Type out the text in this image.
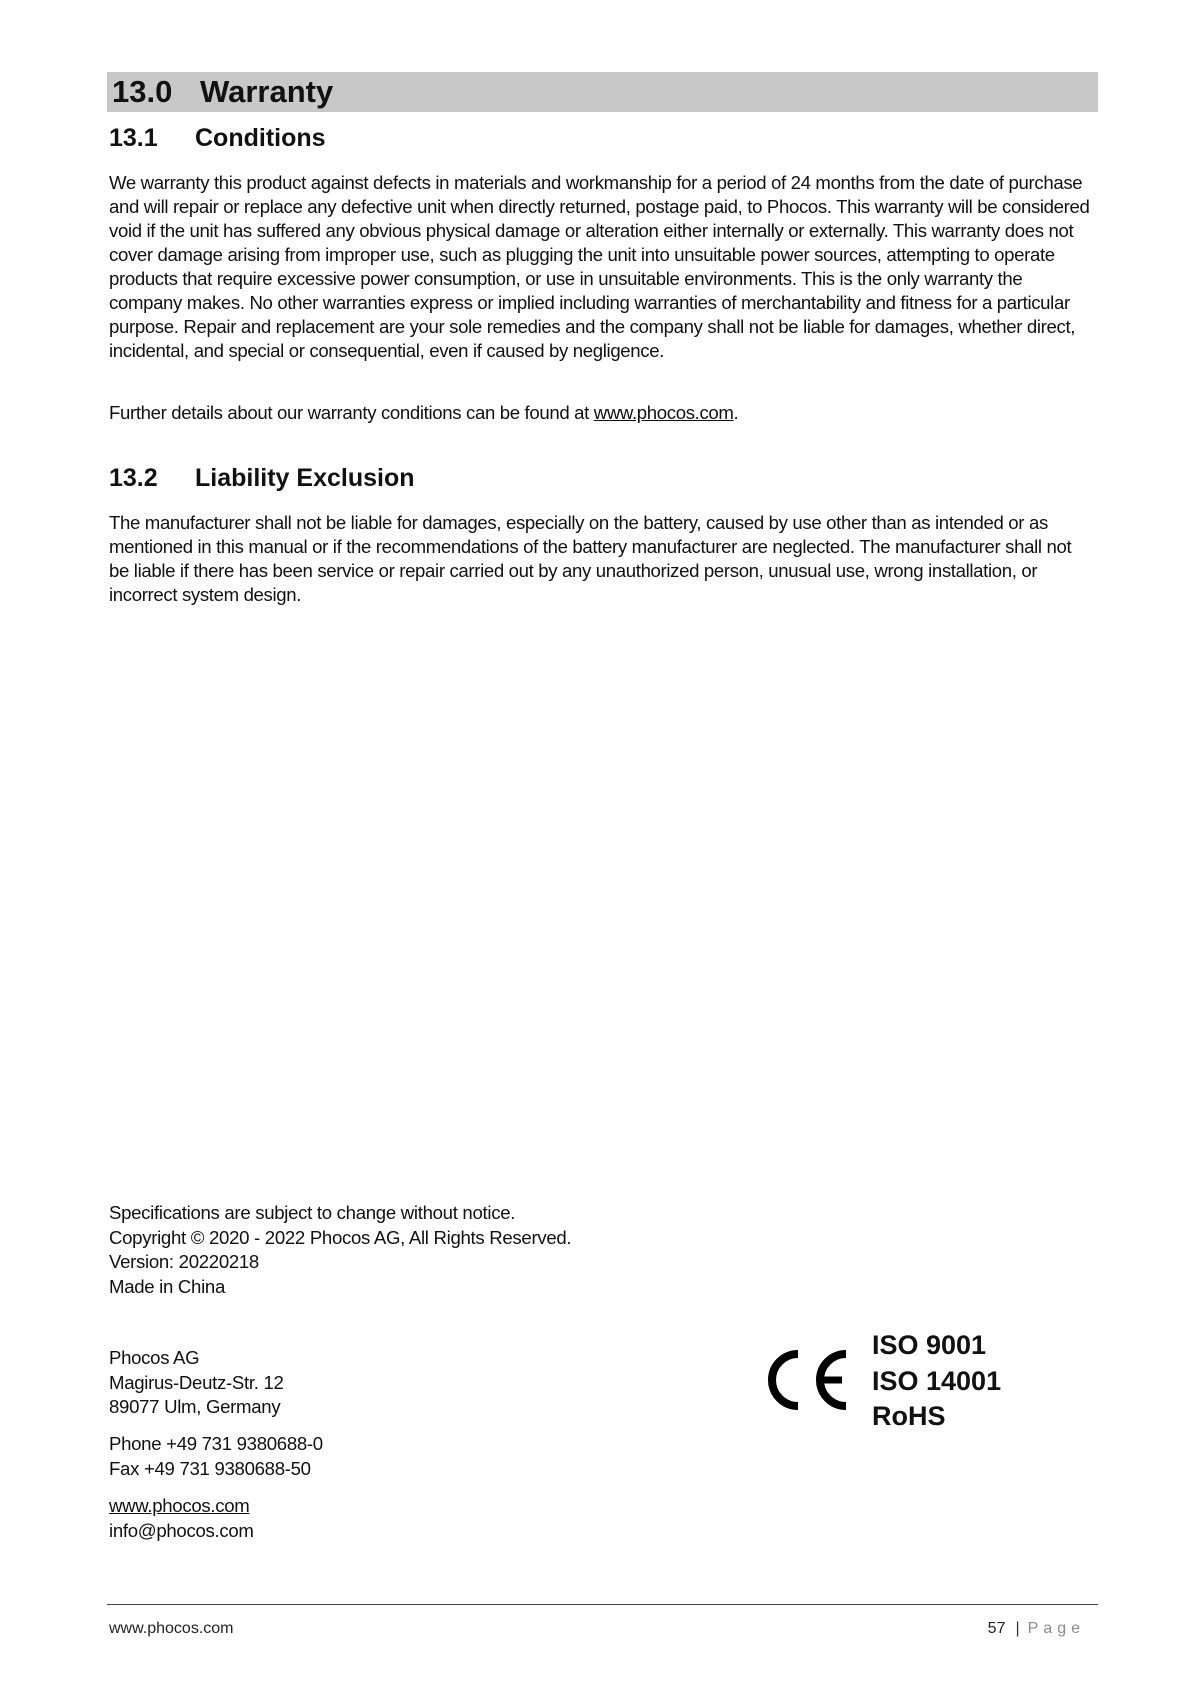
13.0 Warranty
13.1	Conditions
We warranty this product against defects in materials and workmanship for a period of 24 months from the date of purchase and will repair or replace any defective unit when directly returned, postage paid, to Phocos. This warranty will be considered void if the unit has suffered any obvious physical damage or alteration either internally or externally. This warranty does not cover damage arising from improper use, such as plugging the unit into unsuitable power sources, attempting to operate products that require excessive power consumption, or use in unsuitable environments. This is the only warranty the company makes. No other warranties express or implied including warranties of merchantability and fitness for a particular purpose. Repair and replacement are your sole remedies and the company shall not be liable for damages, whether direct, incidental, and special or consequential, even if caused by negligence.
Further details about our warranty conditions can be found at www.phocos.com.
13.2	Liability Exclusion
The manufacturer shall not be liable for damages, especially on the battery, caused by use other than as intended or as mentioned in this manual or if the recommendations of the battery manufacturer are neglected. The manufacturer shall not be liable if there has been service or repair carried out by any unauthorized person, unusual use, wrong installation, or incorrect system design.
Specifications are subject to change without notice.
Copyright © 2020 - 2022 Phocos AG, All Rights Reserved.
Version: 20220218
Made in China
Phocos AG
Magirus-Deutz-Str. 12
89077 Ulm, Germany
Phone +49 731 9380688-0
Fax +49 731 9380688-50
www.phocos.com
info@phocos.com
ISO 9001
ISO 14001
RoHS
www.phocos.com	57 | Page
